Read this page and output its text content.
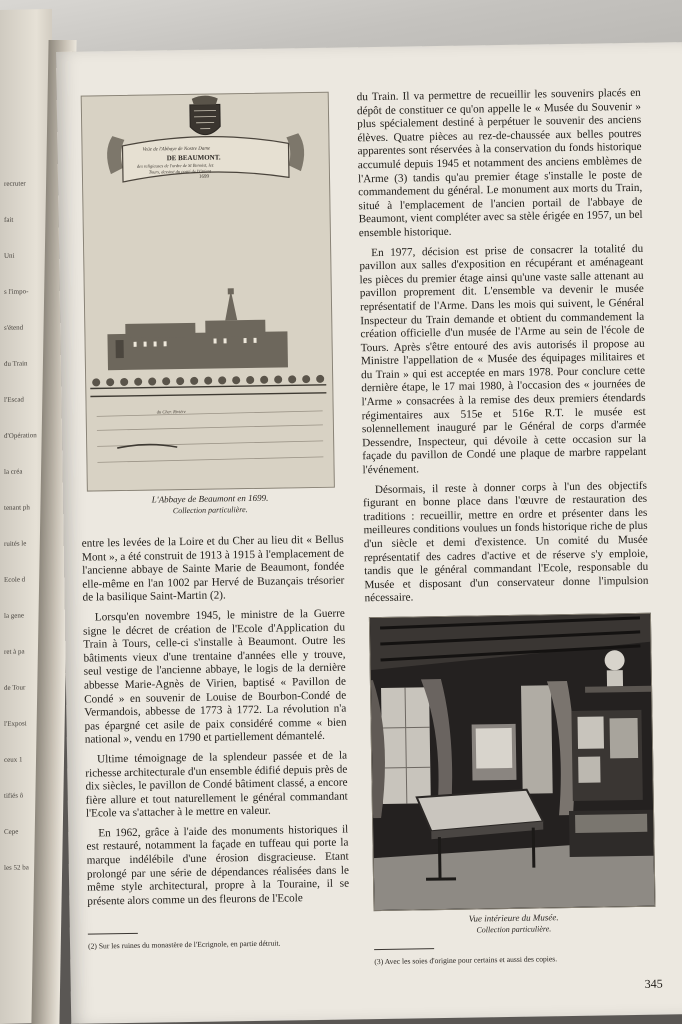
recruter
fait
Uni
s l'impo-
s'étend
du Train
l'Escad
d'Opération
la créa
tenant ph
ruités le
Ecole d
la gene
ret à pa
de Tour
l'Exposi
ceux 1
tifiés ô
Cepe
les 52 ba
Veüe de l'Abbaye de Nostre Dame
DE BEAUMONT.
des religieuses de l'ordre de St Benoist, lez
Tours, dessiné du costé de l'Orient
1699
du Cher. Rivière
L'Abbaye de Beaumont en 1699.
Collection particulière.

entre les levées de la Loire et du Cher au lieu dit « Bellus Mont », a été construit de 1913 à 1915 à l'emplacement de l'ancienne abbaye de Sainte Marie de Beaumont, fondée elle-même en l'an 1002 par Hervé de Buzançais trésorier de la basilique Saint-Martin (2).

Lorsqu'en novembre 1945, le ministre de la Guerre signe le décret de création de l'Ecole d'Application du Train à Tours, celle-ci s'installe à Beaumont. Outre les bâtiments vieux d'une trentaine d'années elle y trouve, seul vestige de l'ancienne abbaye, le logis de la dernière abbesse Marie-Agnès de Virien, baptisé « Pavillon de Condé » en souvenir de Louise de Bourbon-Condé de Vermandois, abbesse de 1773 à 1772. La révolution n'a pas épargné cet asile de paix considéré comme « bien national », vendu en 1790 et partiellement démantelé.

Ultime témoignage de la splendeur passée et de la richesse architecturale d'un ensemble édifié depuis près de dix siècles, le pavillon de Condé bâtiment classé, a encore fière allure et tout naturellement le général commandant l'Ecole va s'attacher à le mettre en valeur.

En 1962, grâce à l'aide des monuments historiques il est restauré, notamment la façade en tuffeau qui porte la marque indélébile d'une érosion disgracieuse. Etant prolongé par une série de dépendances réalisées dans le même style architectural, propre à la Touraine, il se présente alors comme un des fleurons de l'Ecole

du Train. Il va permettre de recueillir les souvenirs placés en dépôt de constituer ce qu'on appelle le « Musée du Souvenir » plus spécialement destiné à perpétuer le souvenir des anciens élèves. Quatre pièces au rez-de-chaussée aux belles poutres apparentes sont réservées à la conservation du fonds historique accumulé depuis 1945 et notamment des anciens emblèmes de l'Arme (3) tandis qu'au premier étage s'installe le poste de commandement du général. Le monument aux morts du Train, situé à l'emplacement de l'ancien portail de l'abbaye de Beaumont, vient compléter avec sa stèle érigée en 1957, un bel ensemble historique.

En 1977, décision est prise de consacrer la totalité du pavillon aux salles d'exposition en récupérant et aménageant les pièces du premier étage ainsi qu'une vaste salle attenant au pavillon proprement dit. L'ensemble va devenir le musée représentatif de l'Arme. Dans les mois qui suivent, le Général Inspecteur du Train demande et obtient du commandement la création officielle d'un musée de l'Arme au sein de l'école de Tours. Après s'être entouré des avis autorisés il propose au Ministre l'appellation de « Musée des équipages militaires et du Train » qui est acceptée en mars 1978. Pour conclure cette dernière étape, le 17 mai 1980, à l'occasion des « journées de l'Arme » consacrées à la remise des deux premiers étendards régimentaires aux 515e et 516e R.T. le musée est solennellement inauguré par le Général de corps d'armée Dessendre, Inspecteur, qui dévoile à cette occasion sur la façade du pavillon de Condé une plaque de marbre rappelant l'événement.

Désormais, il reste à donner corps à l'un des objectifs figurant en bonne place dans l'œuvre de restauration des traditions : recueillir, mettre en ordre et présenter dans les meilleures conditions voulues un fonds historique riche de plus d'un siècle et demi d'existence. Un comité du Musée représentatif des cadres d'active et de réserve s'y emploie, tandis que le général commandant l'Ecole, responsable du Musée et disposant d'un conservateur donne l'impulsion nécessaire.

Vue intérieure du Musée.
Collection particulière.
(2) Sur les ruines du monastère de l'Ecrignole, en partie détruit.
(3) Avec les soies d'origine pour certains et aussi des copies.
345
